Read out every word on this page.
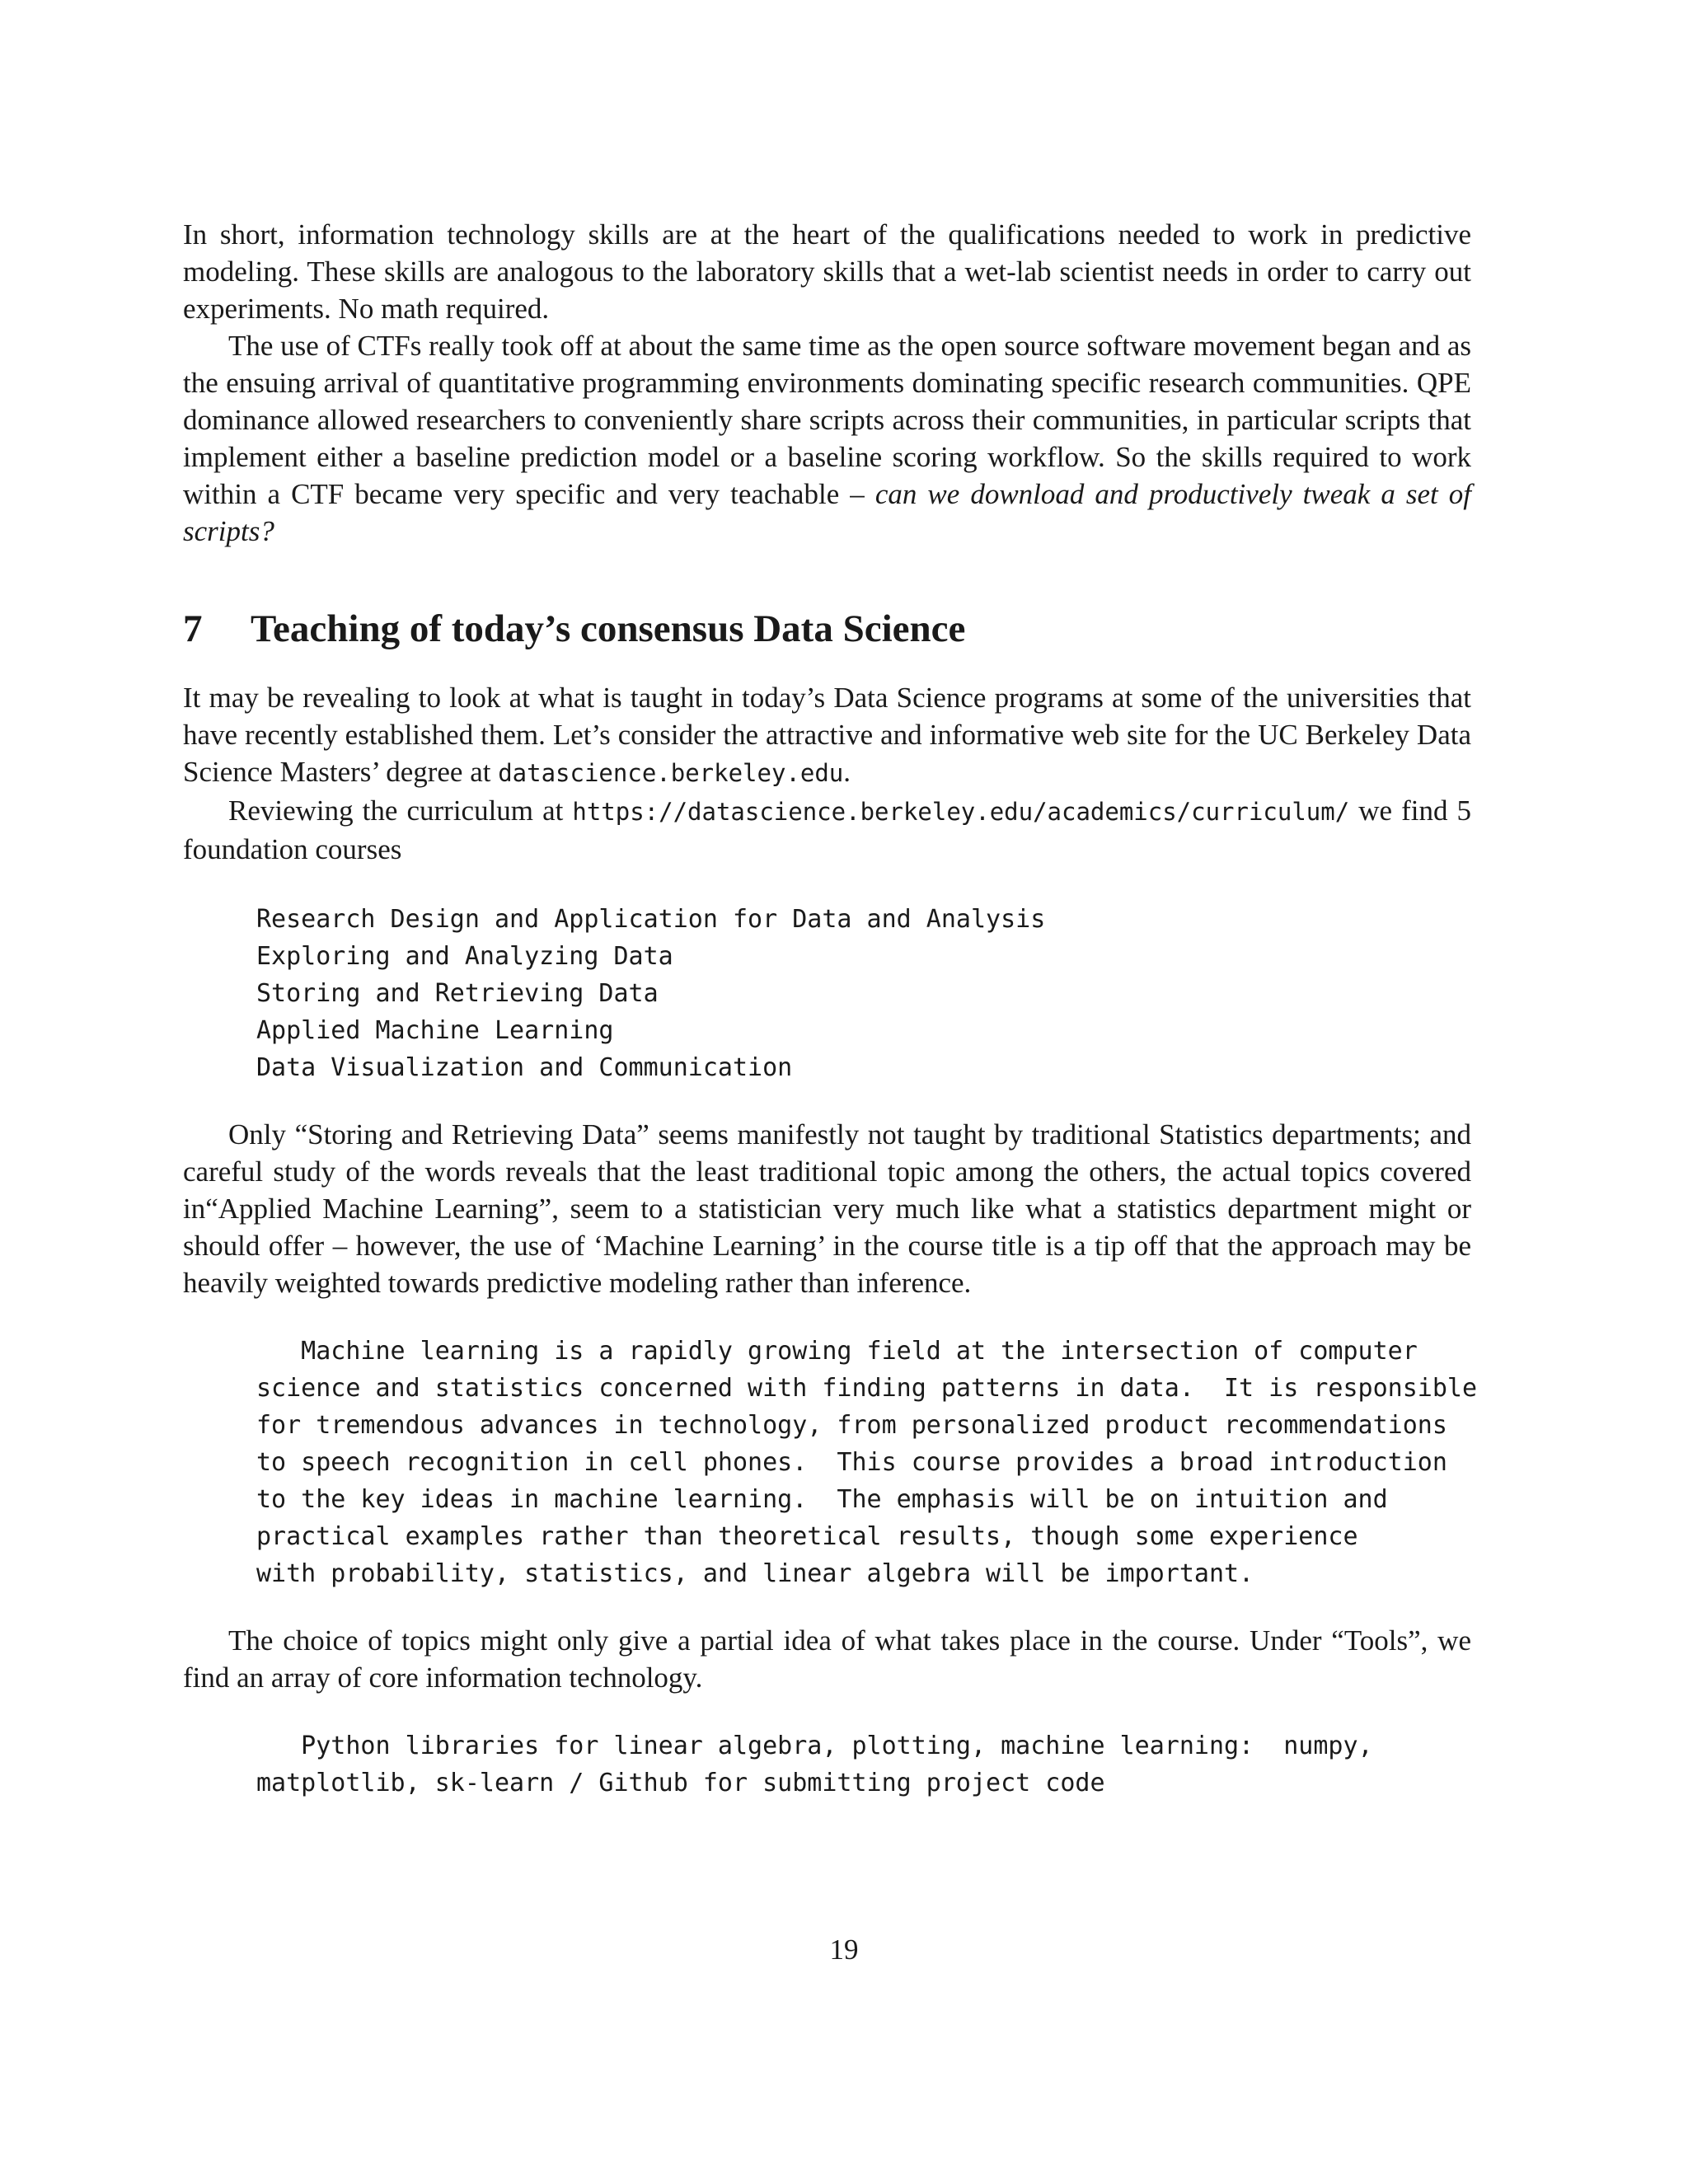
In short, information technology skills are at the heart of the qualifications needed to work in predictive modeling. These skills are analogous to the laboratory skills that a wet-lab scientist needs in order to carry out experiments. No math required.

The use of CTFs really took off at about the same time as the open source software movement began and as the ensuing arrival of quantitative programming environments dominating specific research communities. QPE dominance allowed researchers to conveniently share scripts across their communities, in particular scripts that implement either a baseline prediction model or a baseline scoring workflow. So the skills required to work within a CTF became very specific and very teachable – can we download and productively tweak a set of scripts?

7	Teaching of today’s consensus Data Science

It may be revealing to look at what is taught in today’s Data Science programs at some of the universities that have recently established them. Let’s consider the attractive and informative web site for the UC Berkeley Data Science Masters’ degree at datascience.berkeley.edu.

Reviewing the curriculum at https://datascience.berkeley.edu/academics/curriculum/ we find 5 foundation courses

Research Design and Application for Data and Analysis
Exploring and Analyzing Data
Storing and Retrieving Data
Applied Machine Learning
Data Visualization and Communication

Only “Storing and Retrieving Data” seems manifestly not taught by traditional Statistics departments; and careful study of the words reveals that the least traditional topic among the others, the actual topics covered in“Applied Machine Learning”, seem to a statistician very much like what a statistics department might or should offer – however, the use of ‘Machine Learning’ in the course title is a tip off that the approach may be heavily weighted towards predictive modeling rather than inference.

Machine learning is a rapidly growing field at the intersection of computer
science and statistics concerned with finding patterns in data.  It is responsible
for tremendous advances in technology, from personalized product recommendations
to speech recognition in cell phones.  This course provides a broad introduction
to the key ideas in machine learning.  The emphasis will be on intuition and
practical examples rather than theoretical results, though some experience
with probability, statistics, and linear algebra will be important.

The choice of topics might only give a partial idea of what takes place in the course. Under “Tools”, we find an array of core information technology.

Python libraries for linear algebra, plotting, machine learning:  numpy,
matplotlib, sk-learn / Github for submitting project code
19
